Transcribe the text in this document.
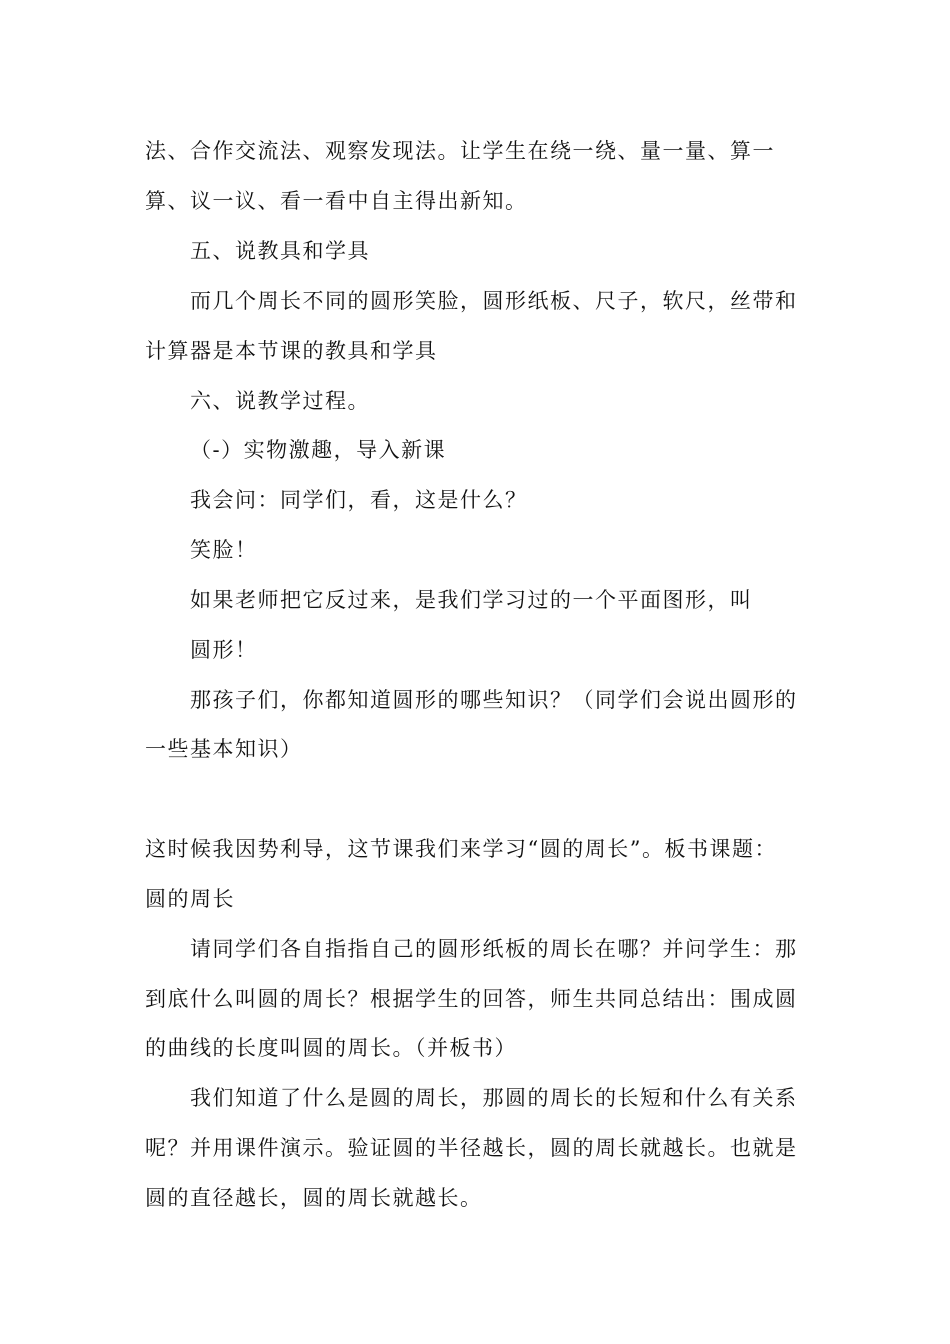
法、合作交流法、观察发现法。让学生在绕一绕、量一量、算一
算、议一议、看一看中自主得出新知。
五、说教具和学具
而几个周长不同的圆形笑脸，圆形纸板、尺子，软尺，丝带和
计算器是本节课的教具和学具
六、说教学过程。
（-）实物激趣，导入新课
我会问：同学们，看，这是什么？
笑脸！
如果老师把它反过来，是我们学习过的一个平面图形，叫
圆形！
那孩子们，你都知道圆形的哪些知识？（同学们会说出圆形的
一些基本知识）
这时候我因势利导，这节课我们来学习“圆的周长”。板书课题：
圆的周长
请同学们各自指指自己的圆形纸板的周长在哪？并问学生：那
到底什么叫圆的周长？根据学生的回答，师生共同总结出：围成圆
的曲线的长度叫圆的周长。（并板书）
我们知道了什么是圆的周长，那圆的周长的长短和什么有关系
呢？并用课件演示。验证圆的半径越长，圆的周长就越长。也就是
圆的直径越长，圆的周长就越长。
